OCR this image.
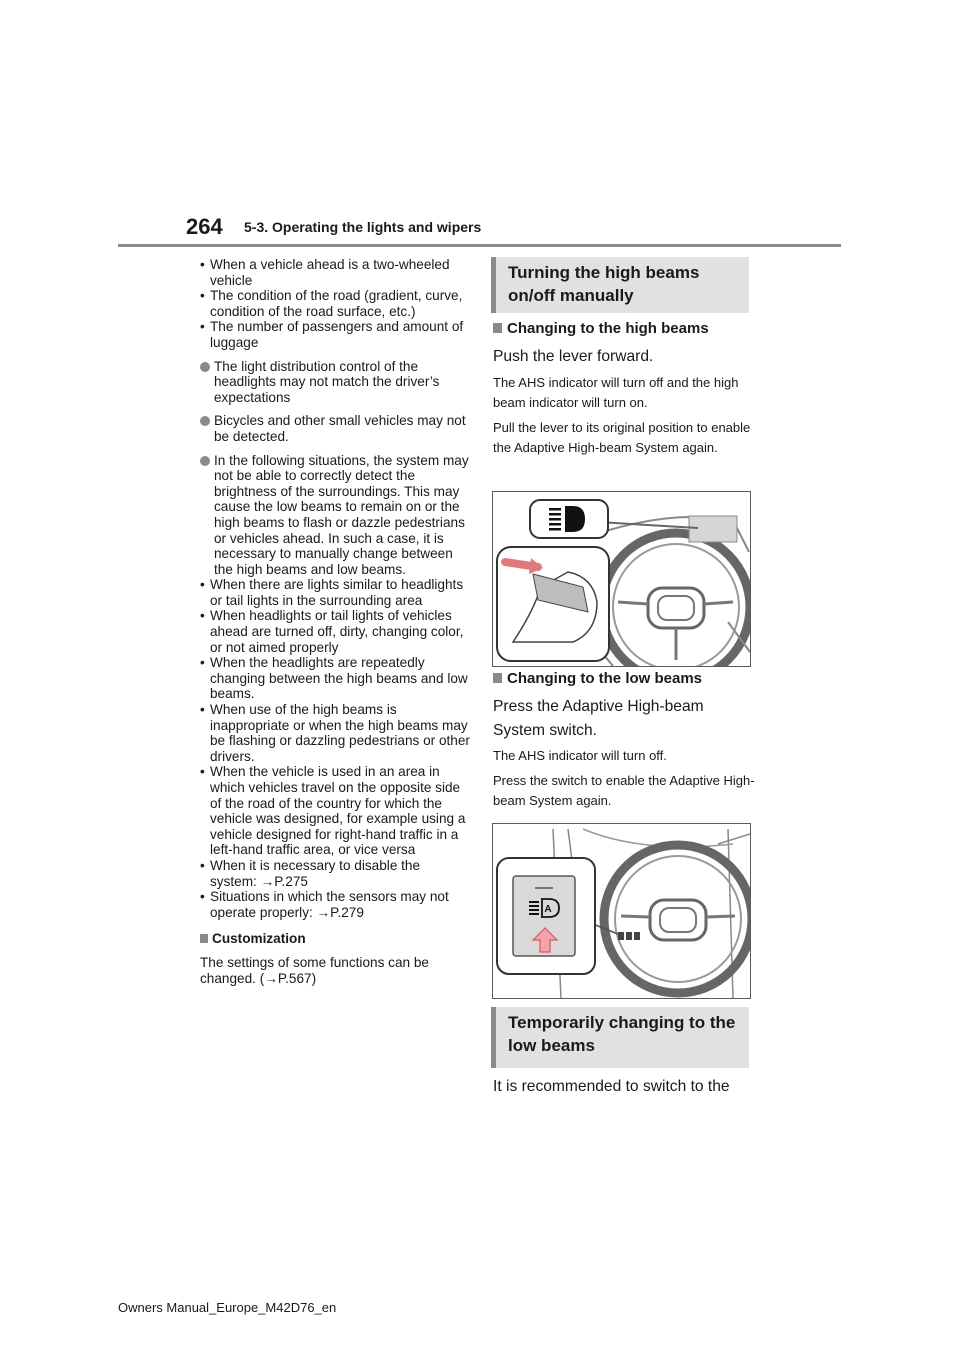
264 5-3. Operating the lights and wipers
• When a vehicle ahead is a two-wheeled vehicle
• The condition of the road (gradient, curve, condition of the road surface, etc.)
• The number of passengers and amount of luggage
The light distribution control of the headlights may not match the driver’s expectations
Bicycles and other small vehicles may not be detected.
In the following situations, the system may not be able to correctly detect the brightness of the surroundings. This may cause the low beams to remain on or the high beams to flash or dazzle pedestrians or vehicles ahead. In such a case, it is necessary to manually change between the high beams and low beams.
• When there are lights similar to headlights or tail lights in the surrounding area
• When headlights or tail lights of vehicles ahead are turned off, dirty, changing color, or not aimed properly
• When the headlights are repeatedly changing between the high beams and low beams.
• When use of the high beams is inappropriate or when the high beams may be flashing or dazzling pedestrians or other drivers.
• When the vehicle is used in an area in which vehicles travel on the opposite side of the road of the country for which the vehicle was designed, for example using a vehicle designed for right-hand traffic in a left-hand traffic area, or vice versa
• When it is necessary to disable the system: →P.275
• Situations in which the sensors may not operate properly: →P.279
Customization
The settings of some functions can be changed. (→P.567)
Turning the high beams on/off manually
Changing to the high beams
Push the lever forward.
The AHS indicator will turn off and the high beam indicator will turn on.
Pull the lever to its original position to enable the Adaptive High-beam System again.
Changing to the low beams
Press the Adaptive High-beam System switch.
The AHS indicator will turn off.
Press the switch to enable the Adaptive High-beam System again.
A
Temporarily changing to the low beams
It is recommended to switch to the
Owners Manual_Europe_M42D76_en
